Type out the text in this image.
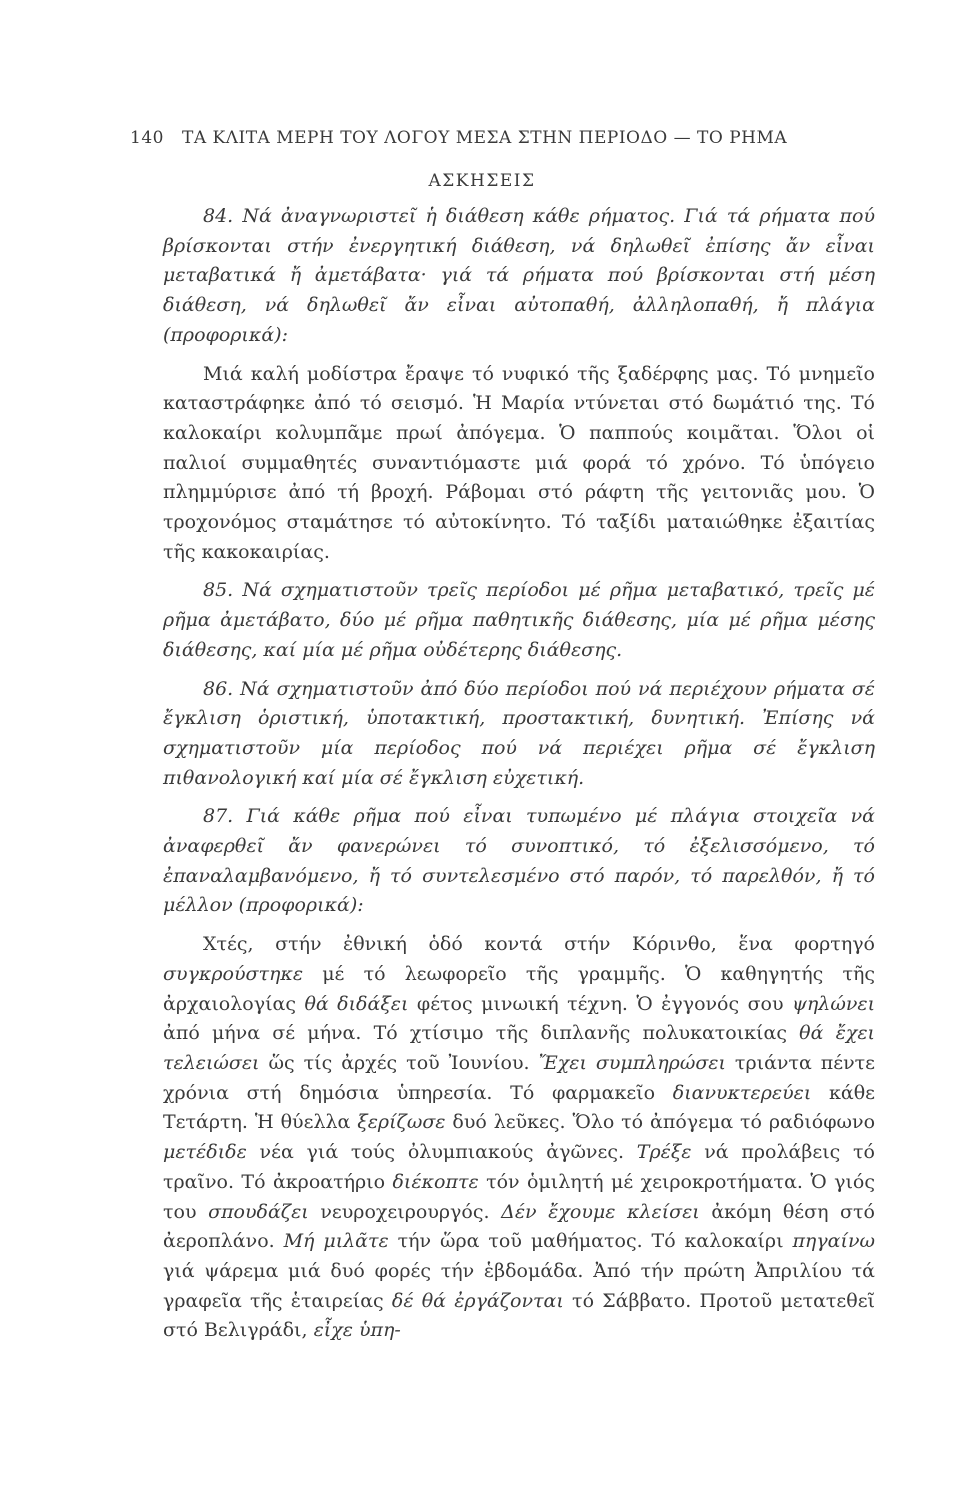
140 ΤΑ ΚΛΙΤΑ ΜΕΡΗ ΤΟΥ ΛΟΓΟΥ ΜΕΣΑ ΣΤΗΝ ΠΕΡΙΟΔΟ — ΤΟ ΡΗΜΑ
ΑΣΚΗΣΕΙΣ

84. Νά ἀναγνωριστεῖ ἡ διάθεση κάθε ρήματος. Γιά τά ρήματα πού βρίσκονται στήν ἐνεργητική διάθεση, νά δηλωθεῖ ἐπίσης ἄν εἶναι μεταβατικά ἤ ἀμετάβατα· γιά τά ρήματα πού βρίσκονται στή μέση διάθεση, νά δηλωθεῖ ἄν εἶναι αὐτοπαθή, ἀλληλοπαθή, ἤ πλάγια (προφορικά):

Μιά καλή μοδίστρα ἔραψε τό νυφικό τῆς ξαδέρφης μας. Τό μνημεῖο καταστράφηκε ἀπό τό σεισμό. Ἡ Μαρία ντύνεται στό δωμάτιό της. Τό καλοκαίρι κολυμπᾶμε πρωί ἀπόγεμα. Ὁ παππούς κοιμᾶται. Ὅλοι οἱ παλιοί συμμαθητές συναντιόμαστε μιά φορά τό χρόνο. Τό ὑπόγειο πλημμύρισε ἀπό τή βροχή. Ράβομαι στό ράφτη τῆς γειτονιᾶς μου. Ὁ τροχονόμος σταμάτησε τό αὐτοκίνητο. Τό ταξίδι ματαιώθηκε ἐξαιτίας τῆς κακοκαιρίας.

85. Νά σχηματιστοῦν τρεῖς περίοδοι μέ ρῆμα μεταβατικό, τρεῖς μέ ρῆμα ἀμετάβατο, δύο μέ ρῆμα παθητικῆς διάθεσης, μία μέ ρῆμα μέσης διάθεσης, καί μία μέ ρῆμα οὐδέτερης διάθεσης.

86. Νά σχηματιστοῦν ἀπό δύο περίοδοι πού νά περιέχουν ρήματα σέ ἔγκλιση ὁριστική, ὑποτακτική, προστακτική, δυνητική. Ἐπίσης νά σχηματιστοῦν μία περίοδος πού νά περιέχει ρῆμα σέ ἔγκλιση πιθανολογική καί μία σέ ἔγκλιση εὐχετική.

87. Γιά κάθε ρῆμα πού εἶναι τυπωμένο μέ πλάγια στοιχεῖα νά ἀναφερθεῖ ἄν φανερώνει τό συνοπτικό, τό ἐξελισσόμενο, τό ἐπαναλαμβανόμενο, ἤ τό συντελεσμένο στό παρόν, τό παρελθόν, ἤ τό μέλλον (προφορικά):

Χτές, στήν ἐθνική ὁδό κοντά στήν Κόρινθο, ἕνα φορτηγό συγκρούστηκε μέ τό λεωφορεῖο τῆς γραμμῆς. Ὁ καθηγητής τῆς ἀρχαιολογίας θά διδάξει φέτος μινωική τέχνη. Ὁ ἐγγονός σου ψηλώνει ἀπό μήνα σέ μήνα. Τό χτίσιμο τῆς διπλανῆς πολυκατοικίας θά ἔχει τελειώσει ὥς τίς ἀρχές τοῦ Ἰουνίου. Ἔχει συμπληρώσει τριάντα πέντε χρόνια στή δημόσια ὑπηρεσία. Τό φαρμακεῖο διανυκτερεύει κάθε Τετάρτη. Ἡ θύελλα ξερίζωσε δυό λεῦκες. Ὅλο τό ἀπόγεμα τό ραδιόφωνο μετέδιδε νέα γιά τούς ὀλυμπιακούς ἀγῶνες. Τρέξε νά προλάβεις τό τραῖνο. Τό ἀκροατήριο διέκοπτε τόν ὁμιλητή μέ χειροκροτήματα. Ὁ γιός του σπουδάζει νευροχειρουργός. Δέν ἔχουμε κλείσει ἀκόμη θέση στό ἀεροπλάνο. Μή μιλᾶτε τήν ὥρα τοῦ μαθήματος. Τό καλοκαίρι πηγαίνω γιά ψάρεμα μιά δυό φορές τήν ἑβδομάδα. Ἀπό τήν πρώτη Ἀπριλίου τά γραφεῖα τῆς ἑταιρείας δέ θά ἐργάζονται τό Σάββατο. Προτοῦ μετατεθεῖ στό Βελιγράδι, εἶχε ὑπη-
